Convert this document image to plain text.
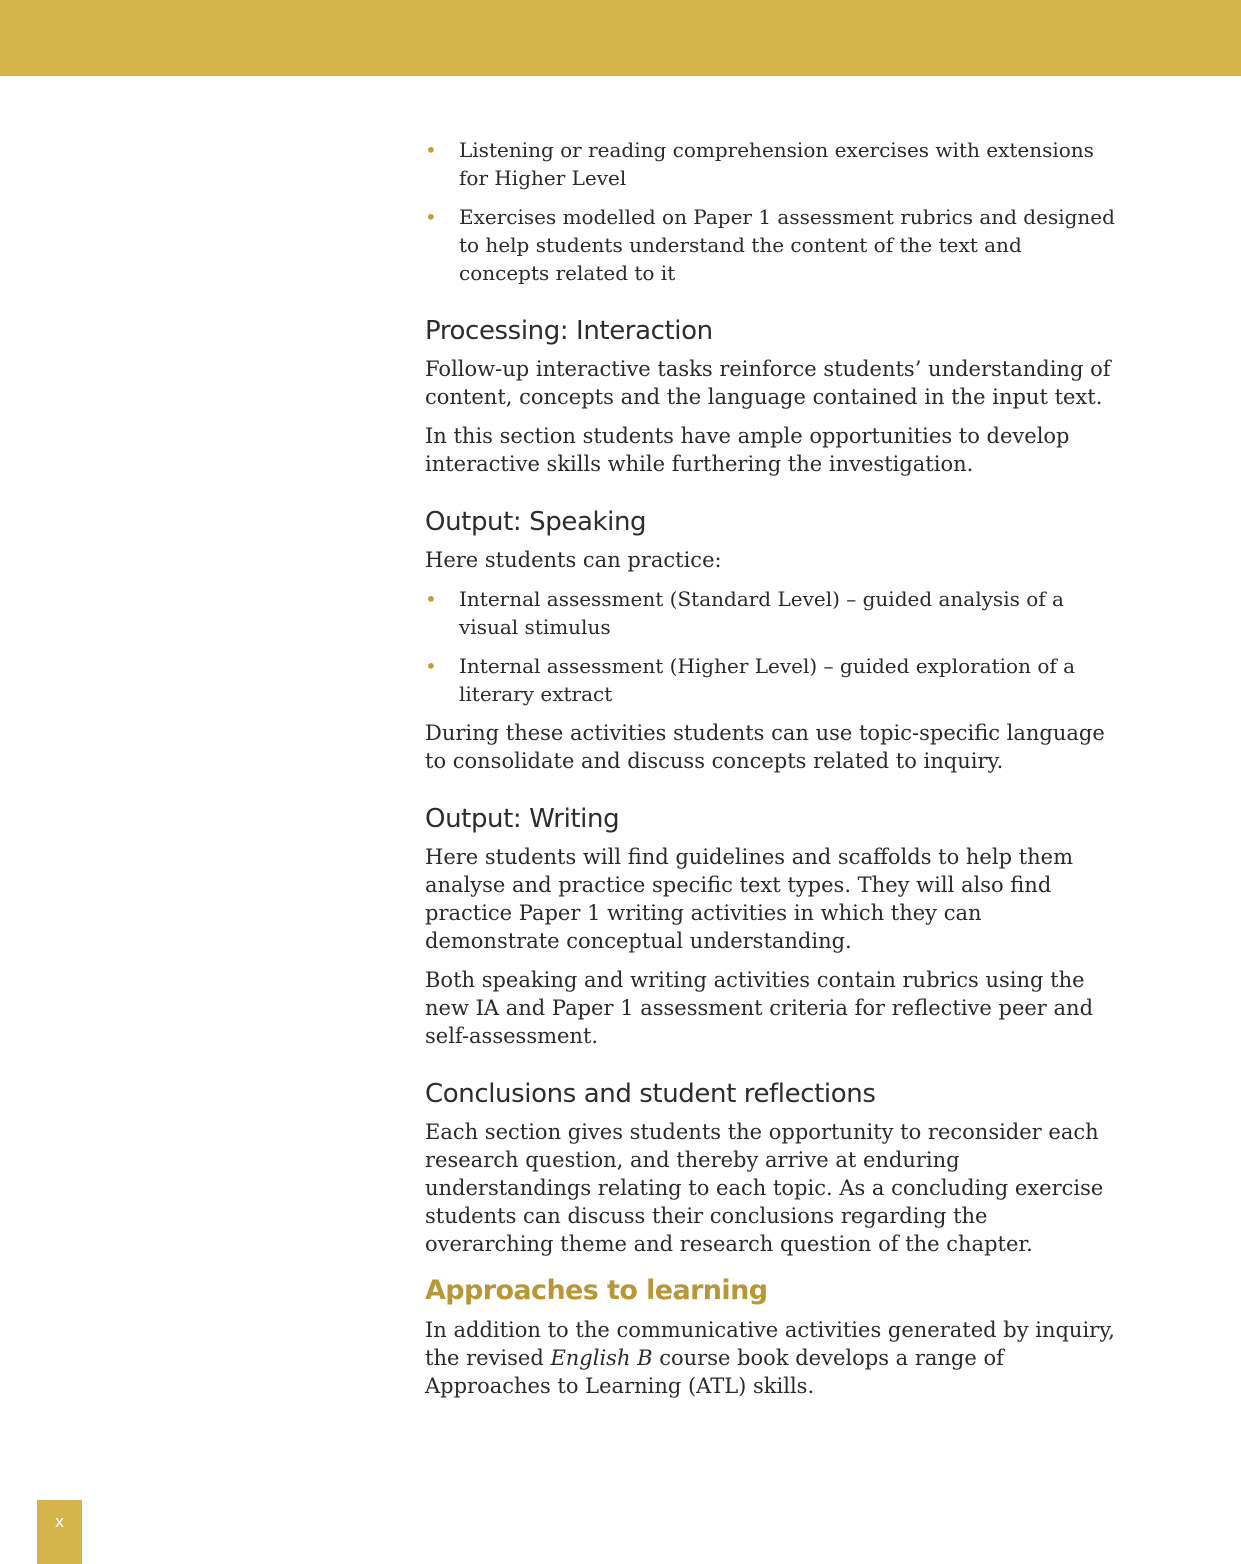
• Listening or reading comprehension exercises with extensions for Higher Level
• Exercises modelled on Paper 1 assessment rubrics and designed to help students understand the content of the text and concepts related to it
Processing: Interaction

Follow-up interactive tasks reinforce students’ understanding of content, concepts and the language contained in the input text.

In this section students have ample opportunities to develop interactive skills while furthering the investigation.

Output: Speaking

Here students can practice:

• Internal assessment (Standard Level) – guided analysis of a visual stimulus
• Internal assessment (Higher Level) – guided exploration of a literary extract

During these activities students can use topic-specific language to consolidate and discuss concepts related to inquiry.

Output: Writing

Here students will find guidelines and scaffolds to help them analyse and practice specific text types. They will also find practice Paper 1 writing activities in which they can demonstrate conceptual understanding.

Both speaking and writing activities contain rubrics using the new IA and Paper 1 assessment criteria for reflective peer and self-assessment.

Conclusions and student reflections

Each section gives students the opportunity to reconsider each research question, and thereby arrive at enduring understandings relating to each topic. As a concluding exercise students can discuss their conclusions regarding the overarching theme and research question of the chapter.

Approaches to learning

In addition to the communicative activities generated by inquiry, the revised English B course book develops a range of Approaches to Learning (ATL) skills.

x
